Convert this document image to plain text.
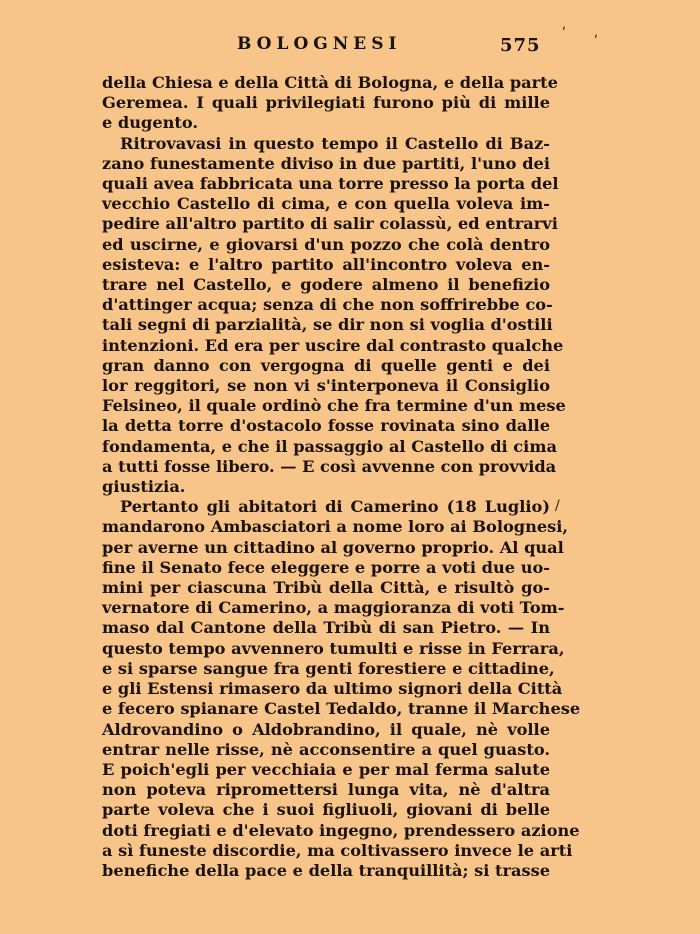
BOLOGNESI	575
ʹ ʹ
/
della Chiesa e della Città di Bologna, e della parte
Geremea. I quali privilegiati furono più di mille
e dugento.
Ritrovavasi in questo tempo il Castello di Baz-
zano funestamente diviso in due partiti, l'uno dei
quali avea fabbricata una torre presso la porta del
vecchio Castello di cima, e con quella voleva im-
pedire all'altro partito di salir colassù, ed entrarvi
ed uscirne, e giovarsi d'un pozzo che colà dentro
esisteva: e l'altro partito all'incontro voleva en-
trare nel Castello, e godere almeno il benefizio
d'attinger acqua; senza di che non soffrirebbe co-
tali segni di parzialità, se dir non si voglia d'ostili
intenzioni. Ed era per uscire dal contrasto qualche
gran danno con vergogna di quelle genti e dei
lor reggitori, se non vi s'interponeva il Consiglio
Felsineo, il quale ordinò che fra termine d'un mese
la detta torre d'ostacolo fosse rovinata sino dalle
fondamenta, e che il passaggio al Castello di cima
a tutti fosse libero. — E così avvenne con provvida
giustizia.
Pertanto gli abitatori di Camerino (18 Luglio)
mandarono Ambasciatori a nome loro ai Bolognesi,
per averne un cittadino al governo proprio. Al qual
fine il Senato fece eleggere e porre a voti due uo-
mini per ciascuna Tribù della Città, e risultò go-
vernatore di Camerino, a maggioranza di voti Tom-
maso dal Cantone della Tribù di san Pietro. — In
questo tempo avvennero tumulti e risse in Ferrara,
e si sparse sangue fra genti forestiere e cittadine,
e gli Estensi rimasero da ultimo signori della Città
e fecero spianare Castel Tedaldo, tranne il Marchese
Aldrovandino o Aldobrandino, il quale, nè volle
entrar nelle risse, nè acconsentire a quel guasto.
E poich'egli per vecchiaia e per mal ferma salute
non poteva ripromettersi lunga vita, nè d'altra
parte voleva che i suoi figliuoli, giovani di belle
doti fregiati e d'elevato ingegno, prendessero azione
a sì funeste discordie, ma coltivassero invece le arti
benefiche della pace e della tranquillità; si trasse
